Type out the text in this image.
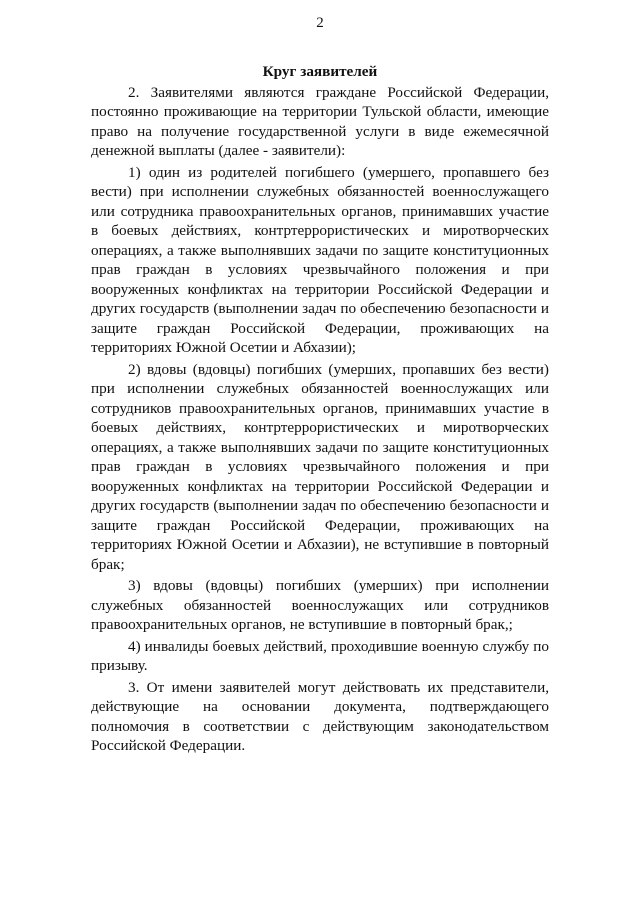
2
Круг заявителей

2. Заявителями являются граждане Российской Федерации, постоянно проживающие на территории Тульской области, имеющие право на получение государственной услуги в виде ежемесячной денежной выплаты (далее - заявители):

1) один из родителей погибшего (умершего, пропавшего без вести) при исполнении служебных обязанностей военнослужащего или сотрудника правоохранительных органов, принимавших участие в боевых действиях, контртеррористических и миротворческих операциях, а также выполнявших задачи по защите конституционных прав граждан в условиях чрезвычайного положения и при вооруженных конфликтах на территории Российской Федерации и других государств (выполнении задач по обеспечению безопасности и защите граждан Российской Федерации, проживающих на территориях Южной Осетии и Абхазии);

2) вдовы (вдовцы) погибших (умерших, пропавших без вести) при исполнении служебных обязанностей военнослужащих или сотрудников правоохранительных органов, принимавших участие в боевых действиях, контртеррористических и миротворческих операциях, а также выполнявших задачи по защите конституционных прав граждан в условиях чрезвычайного положения и при вооруженных конфликтах на территории Российской Федерации и других государств (выполнении задач по обеспечению безопасности и защите граждан Российской Федерации, проживающих на территориях Южной Осетии и Абхазии), не вступившие в повторный брак;

3) вдовы (вдовцы) погибших (умерших) при исполнении служебных обязанностей военнослужащих или сотрудников правоохранительных органов, не вступившие в повторный брак,;

4) инвалиды боевых действий, проходившие военную службу по призыву.

3. От имени заявителей могут действовать их представители, действующие на основании документа, подтверждающего полномочия в соответствии с действующим законодательством Российской Федерации.
